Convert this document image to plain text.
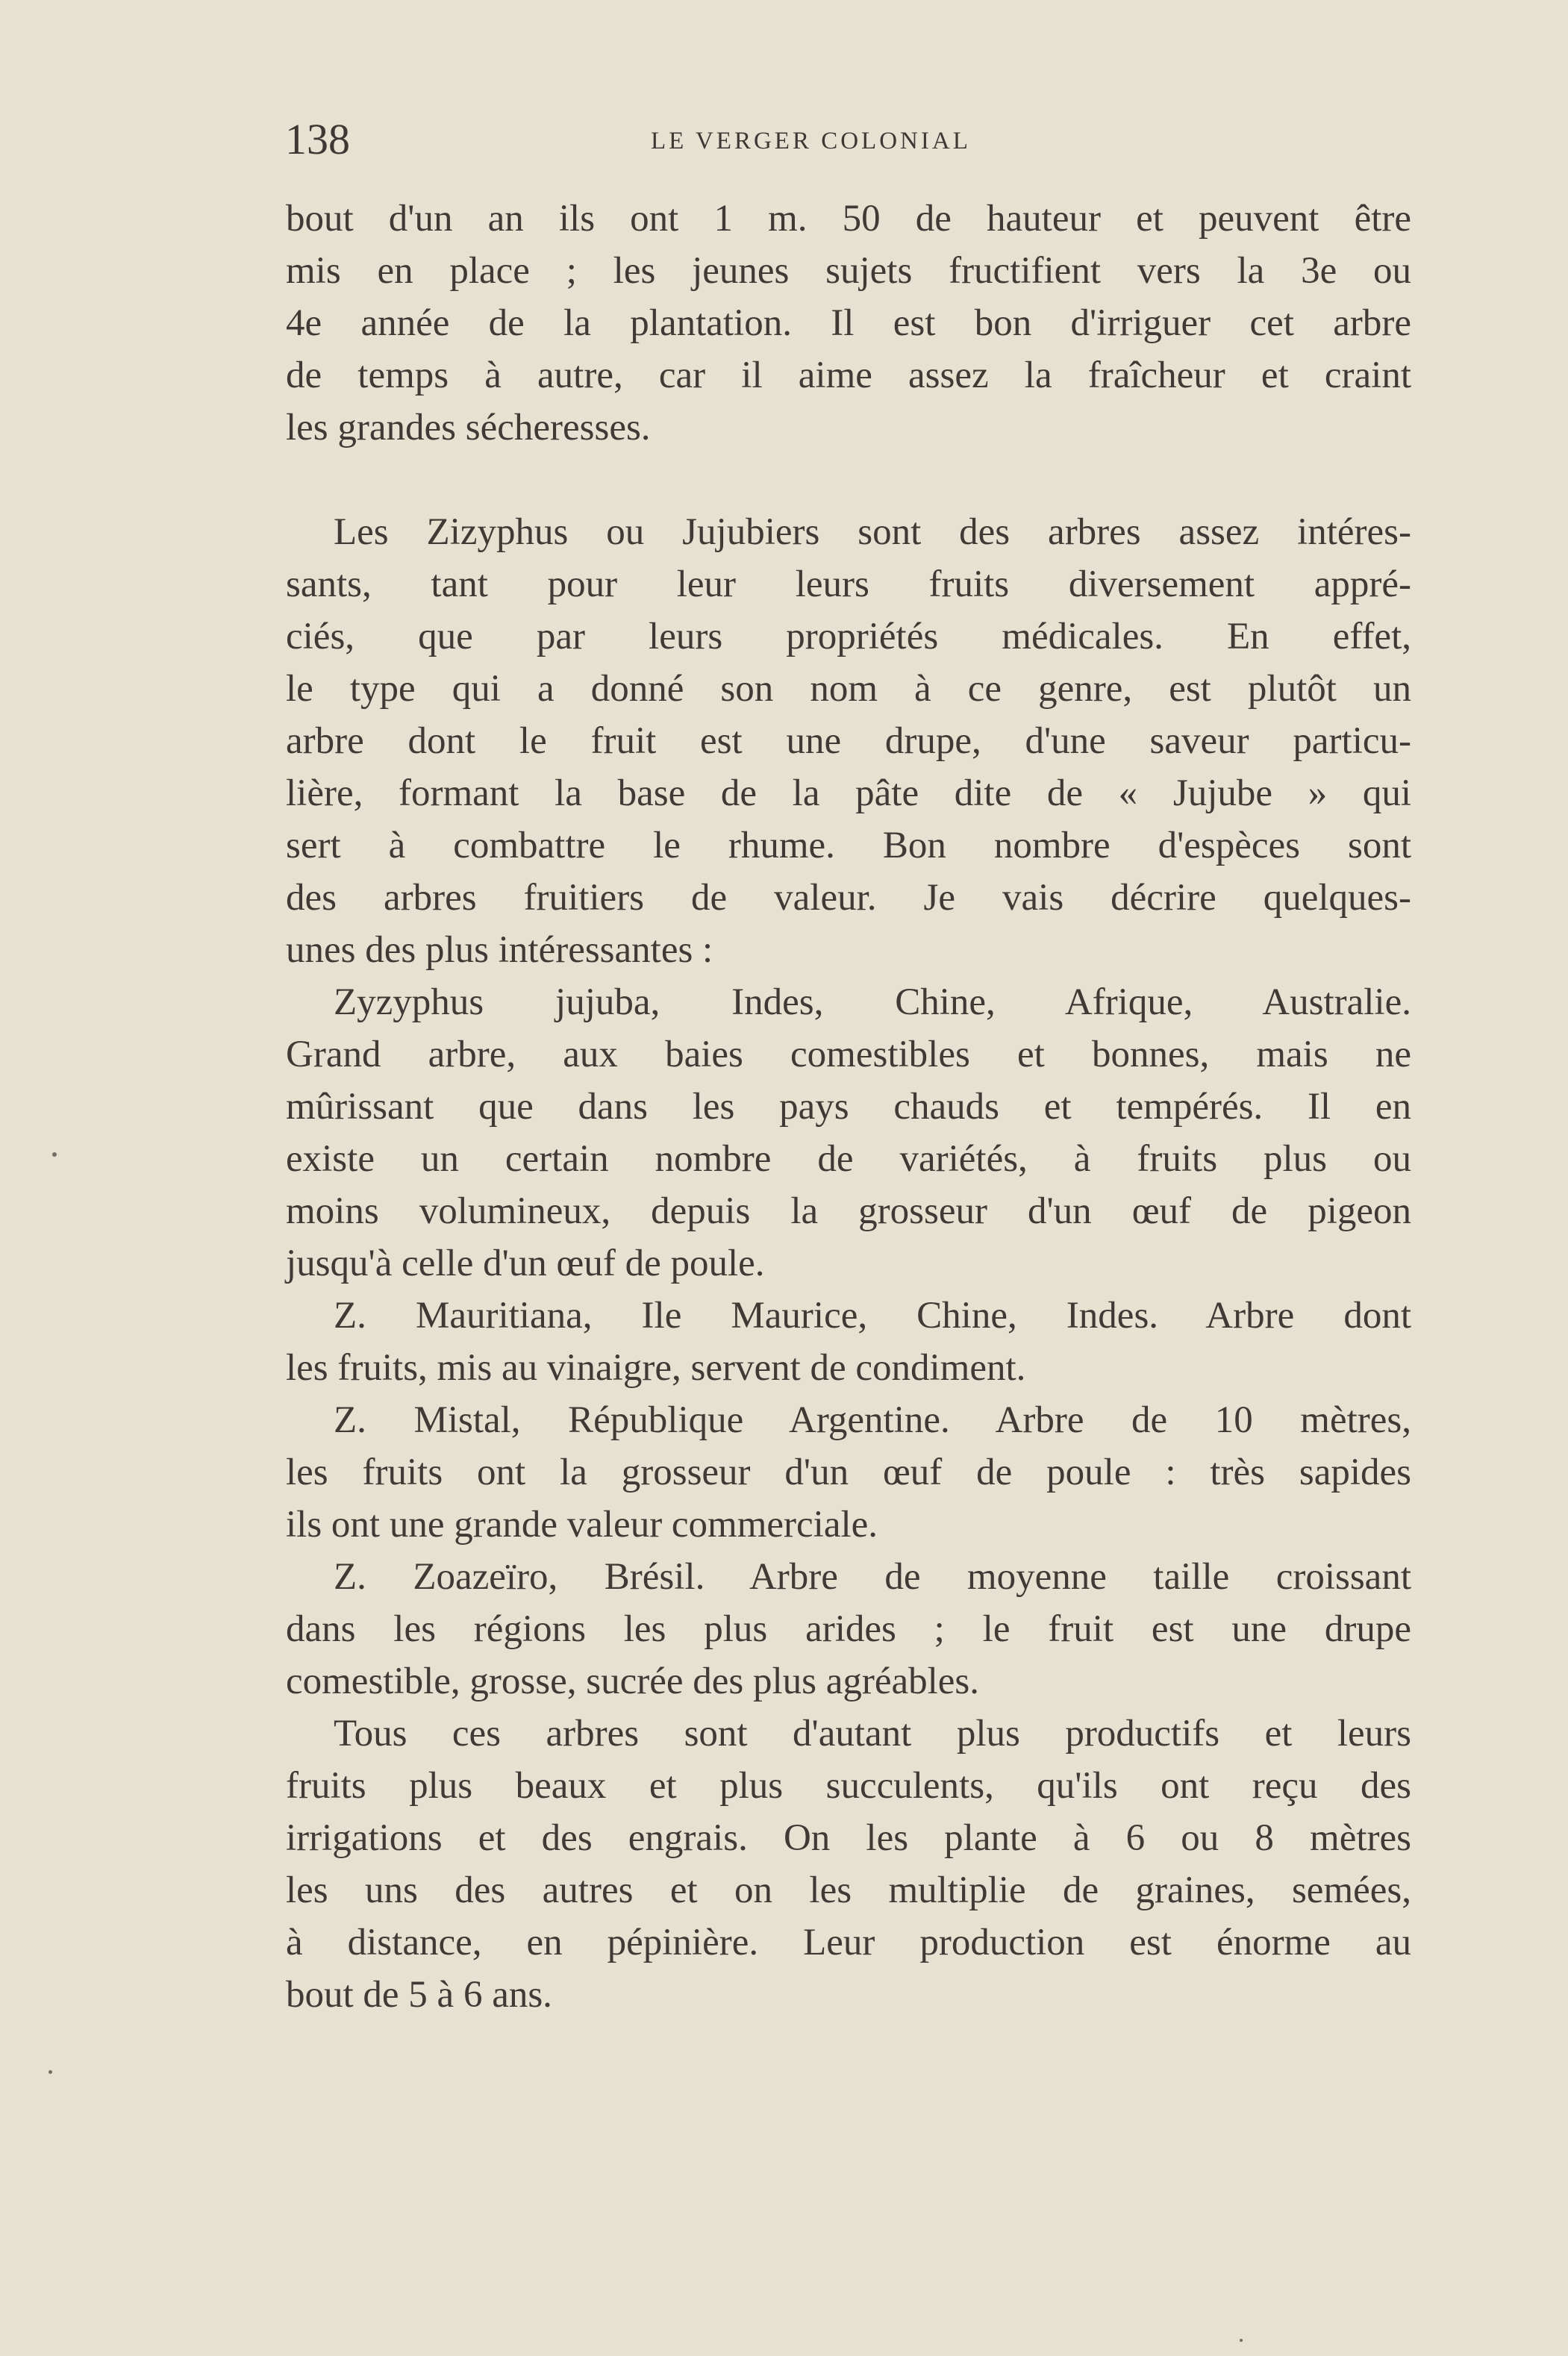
138	LE VERGER COLONIAL
bout d'un an ils ont 1 m. 50 de hauteur et peuvent être
mis en place ; les jeunes sujets fructifient vers la 3e ou
4e année de la plantation. Il est bon d'irriguer cet arbre
de temps à autre, car il aime assez la fraîcheur et craint
les grandes sécheresses.
Les Zizyphus ou Jujubiers sont des arbres assez intéres-
sants, tant pour leur leurs fruits diversement appré-
ciés, que par leurs propriétés médicales. En effet,
le type qui a donné son nom à ce genre, est plutôt un
arbre dont le fruit est une drupe, d'une saveur particu-
lière, formant la base de la pâte dite de « Jujube » qui
sert à combattre le rhume. Bon nombre d'espèces sont
des arbres fruitiers de valeur. Je vais décrire quelques-
unes des plus intéressantes :
Zyzyphus jujuba, Indes, Chine, Afrique, Australie.
Grand arbre, aux baies comestibles et bonnes, mais ne
mûrissant que dans les pays chauds et tempérés. Il en
existe un certain nombre de variétés, à fruits plus ou
moins volumineux, depuis la grosseur d'un œuf de pigeon
jusqu'à celle d'un œuf de poule.
Z. Mauritiana, Ile Maurice, Chine, Indes. Arbre dont
les fruits, mis au vinaigre, servent de condiment.
Z. Mistal, République Argentine. Arbre de 10 mètres,
les fruits ont la grosseur d'un œuf de poule : très sapides
ils ont une grande valeur commerciale.
Z. Zoazeïro, Brésil. Arbre de moyenne taille croissant
dans les régions les plus arides ; le fruit est une drupe
comestible, grosse, sucrée des plus agréables.
Tous ces arbres sont d'autant plus productifs et leurs
fruits plus beaux et plus succulents, qu'ils ont reçu des
irrigations et des engrais. On les plante à 6 ou 8 mètres
les uns des autres et on les multiplie de graines, semées,
à distance, en pépinière. Leur production est énorme au
bout de 5 à 6 ans.
